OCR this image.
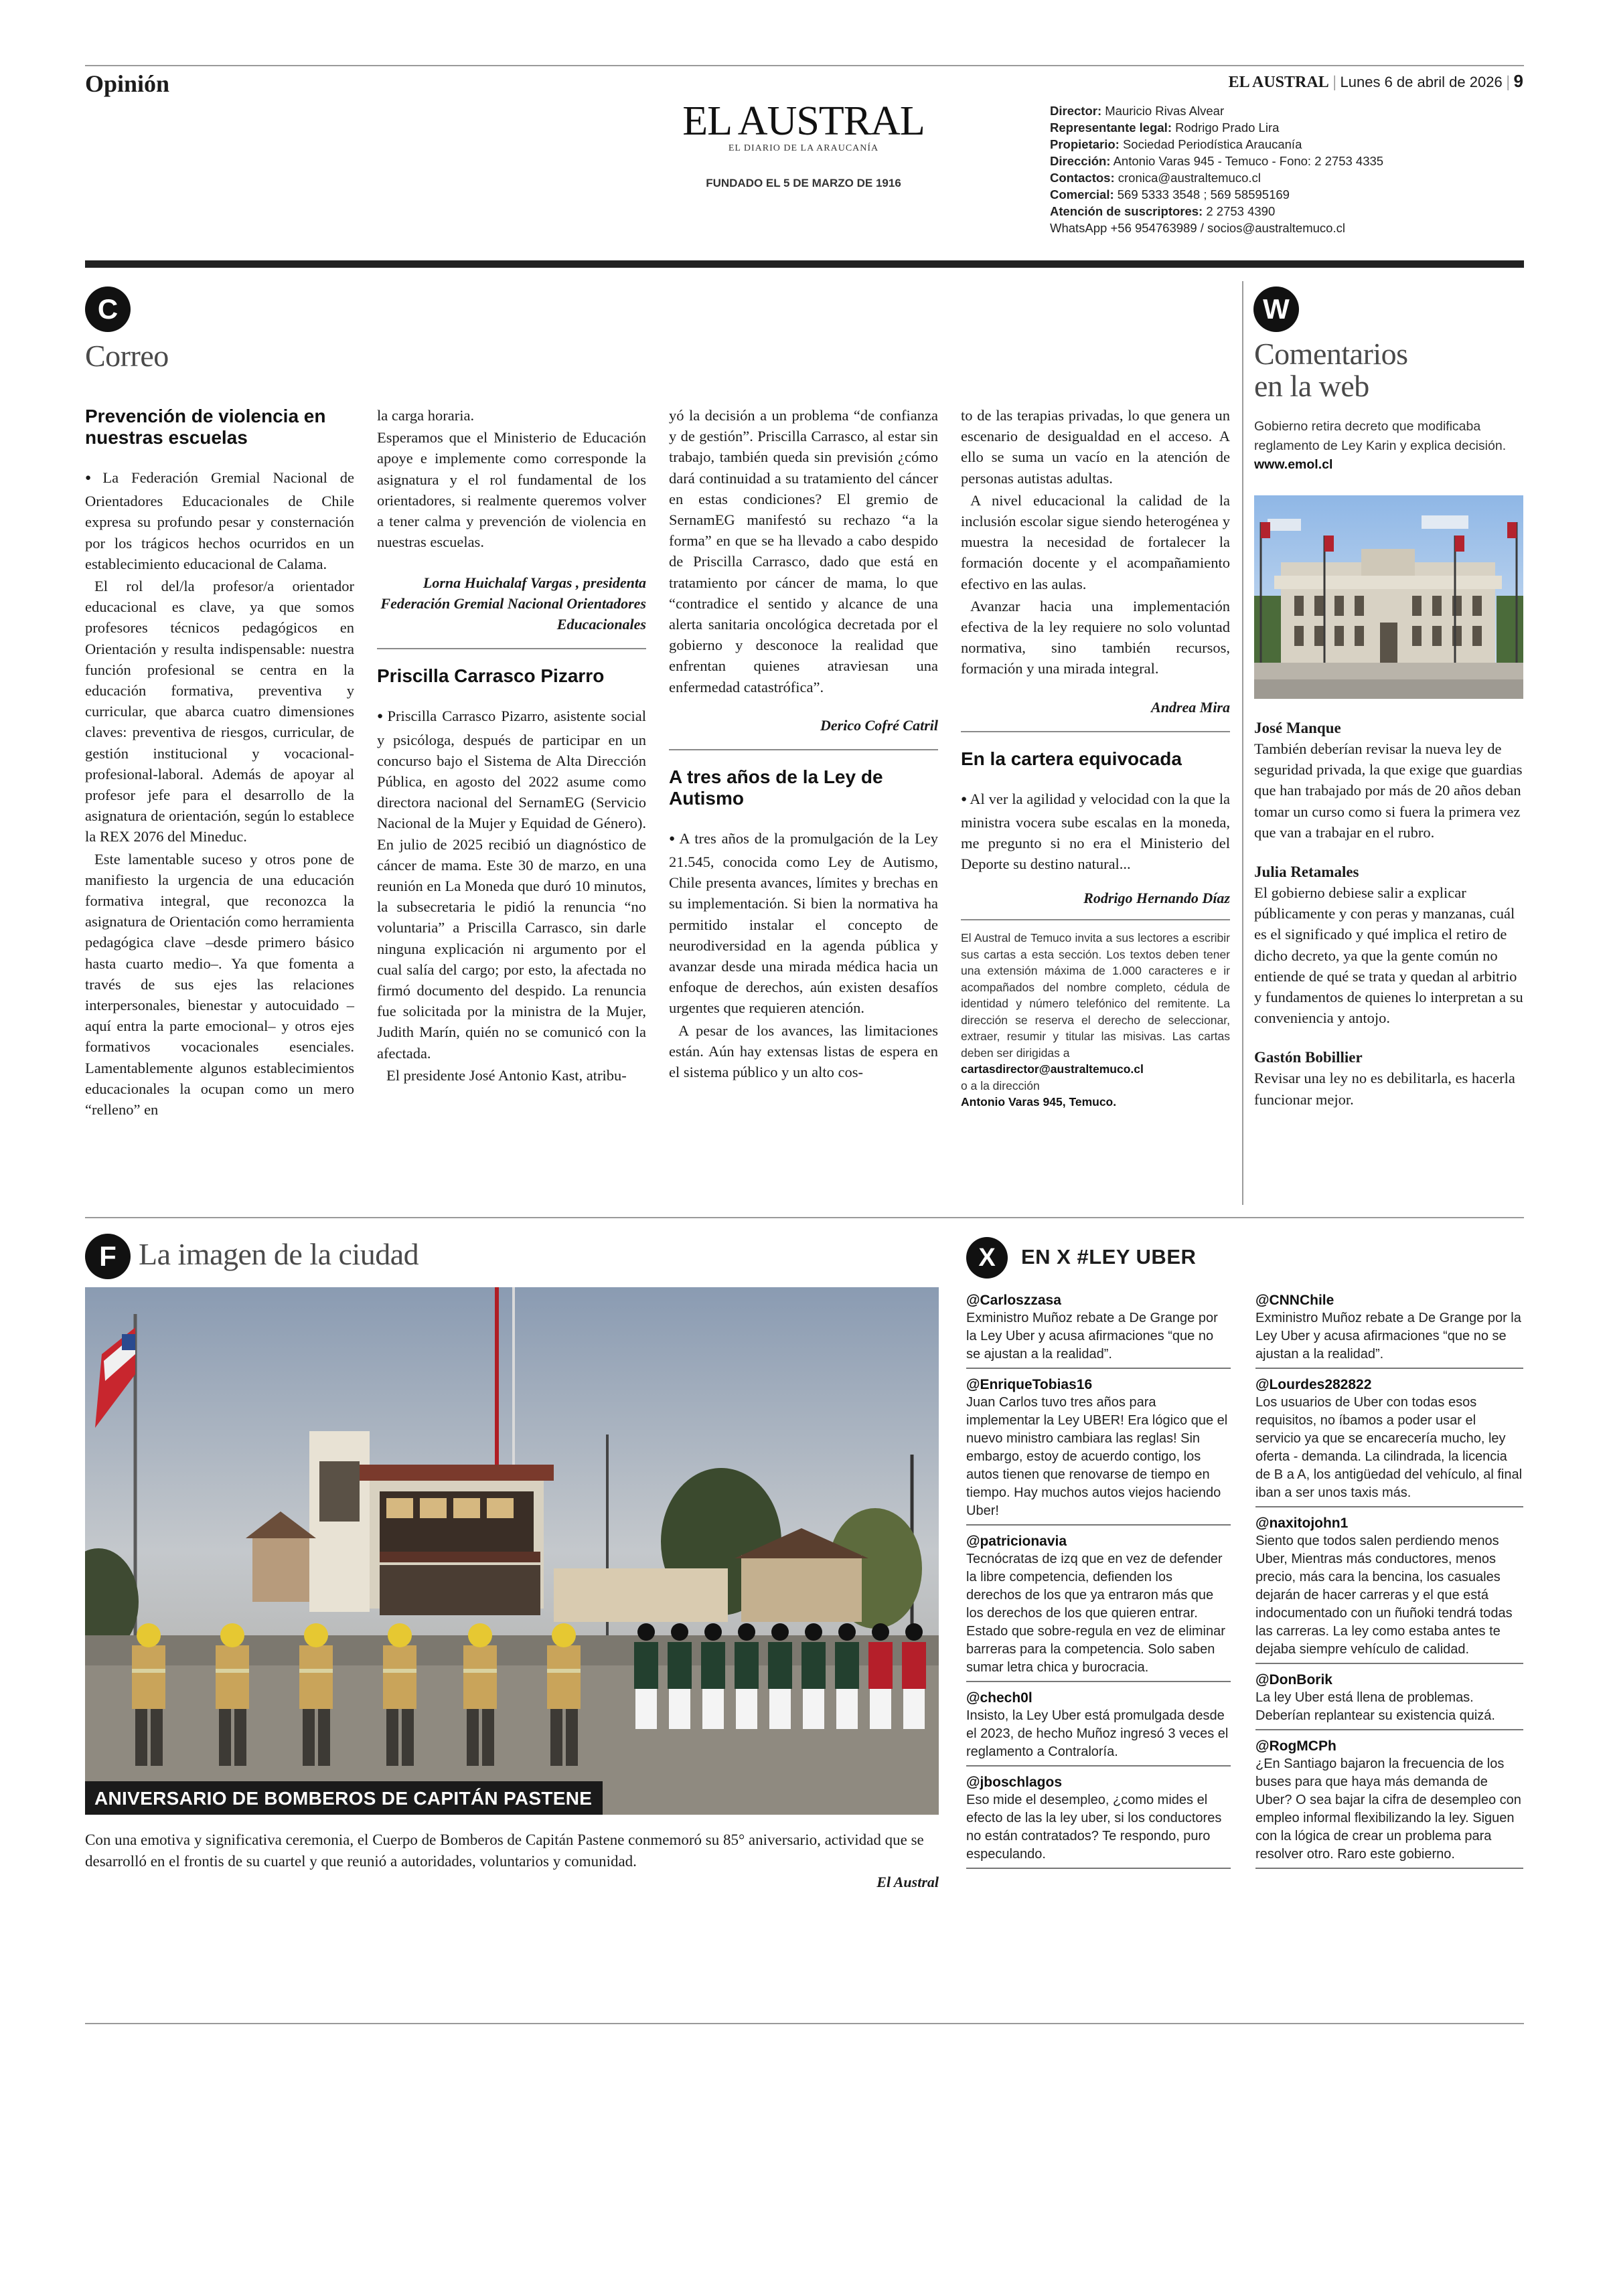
Opinión	EL AUSTRAL | Lunes 6 de abril de 2026 | 9
EL AUSTRAL
EL DIARIO DE LA ARAUCANÍA
FUNDADO EL 5 DE MARZO DE 1916
Director: Mauricio Rivas Alvear
Representante legal: Rodrigo Prado Lira
Propietario: Sociedad Periodística Araucanía
Dirección: Antonio Varas 945 - Temuco - Fono: 2 2753 4335
Contactos: cronica@australtemuco.cl
Comercial: 569 5333 3548 ; 569 58595169
Atención de suscriptores: 2 2753 4390
WhatsApp +56 954763989 / socios@australtemuco.cl
C
Correo
Prevención de violencia en nuestras escuelas

● La Federación Gremial Nacional de Orientadores Educacionales de Chile expresa su profundo pesar y consternación por los trágicos hechos ocurridos en un establecimiento educacional de Calama.

El rol del/la profesor/a orientador educacional es clave, ya que somos profesores técnicos pedagógicos en Orientación y resulta indispensable: nuestra función profesional se centra en la educación formativa, preventiva y curricular, que abarca cuatro dimensiones claves: preventiva de riesgos, curricular, de gestión institucional y vocacional-profesional-laboral. Además de apoyar al profesor jefe para el desarrollo de la asignatura de orientación, según lo establece la REX 2076 del Mineduc.

Este lamentable suceso y otros pone de manifiesto la urgencia de una educación formativa integral, que reconozca la asignatura de Orientación como herramienta pedagógica clave –desde primero básico hasta cuarto medio–. Ya que fomenta a través de sus ejes las relaciones interpersonales, bienestar y autocuidado –aquí entra la parte emocional– y otros ejes formativos vocacionales esenciales. Lamentablemente algunos establecimientos educacionales la ocupan como un mero “relleno” en

la carga horaria.

Esperamos que el Ministerio de Educación apoye e implemente como corresponde la asignatura y el rol fundamental de los orientadores, si realmente queremos volver a tener calma y prevención de violencia en nuestras escuelas.

Lorna Huichalaf Vargas , presidenta Federación Gremial Nacional Orientadores Educacionales
Priscilla Carrasco Pizarro

● Priscilla Carrasco Pizarro, asistente social y psicóloga, después de participar en un concurso bajo el Sistema de Alta Dirección Pública, en agosto del 2022 asume como directora nacional del SernamEG (Servicio Nacional de la Mujer y Equidad de Género). En julio de 2025 recibió un diagnóstico de cáncer de mama. Este 30 de marzo, en una reunión en La Moneda que duró 10 minutos, la subsecretaria le pidió la renuncia “no voluntaria” a Priscilla Carrasco, sin darle ninguna explicación ni argumento por el cual salía del cargo; por esto, la afectada no firmó documento del despido. La renuncia fue solicitada por la ministra de la Mujer, Judith Marín, quién no se comunicó con la afectada.

El presidente José Antonio Kast, atribu-

yó la decisión a un problema “de confianza y de gestión”. Priscilla Carrasco, al estar sin trabajo, también queda sin previsión ¿cómo dará continuidad a su tratamiento del cáncer en estas condiciones? El gremio de SernamEG manifestó su rechazo “a la forma” en que se ha llevado a cabo despido de Priscilla Carrasco, dado que está en tratamiento por cáncer de mama, lo que “contradice el sentido y alcance de una alerta sanitaria oncológica decretada por el gobierno y desconoce la realidad que enfrentan quienes atraviesan una enfermedad catastrófica”.

Derico Cofré Catril
A tres años de la Ley de Autismo

● A tres años de la promulgación de la Ley 21.545, conocida como Ley de Autismo, Chile presenta avances, límites y brechas en su implementación. Si bien la normativa ha permitido instalar el concepto de neurodiversidad en la agenda pública y avanzar desde una mirada médica hacia un enfoque de derechos, aún existen desafíos urgentes que requieren atención.

A pesar de los avances, las limitaciones están. Aún hay extensas listas de espera en el sistema público y un alto cos-

to de las terapias privadas, lo que genera un escenario de desigualdad en el acceso. A ello se suma un vacío en la atención de personas autistas adultas.

A nivel educacional la calidad de la inclusión escolar sigue siendo heterogénea y muestra la necesidad de fortalecer la formación docente y el acompañamiento efectivo en las aulas.

Avanzar hacia una implementación efectiva de la ley requiere no solo voluntad normativa, sino también recursos, formación y una mirada integral.

Andrea Mira
En la cartera equivocada

● Al ver la agilidad y velocidad con la que la ministra vocera sube escalas en la moneda, me pregunto si no era el Ministerio del Deporte su destino natural...

Rodrigo Hernando Díaz
El Austral de Temuco invita a sus lectores a escribir sus cartas a esta sección. Los textos deben tener una extensión máxima de 1.000 caracteres e ir acompañados del nombre completo, cédula de identidad y número telefónico del remitente. La dirección se reserva el derecho de seleccionar, extraer, resumir y titular las misivas. Las cartas deben ser dirigidas a
cartasdirector@australtemuco.cl
o a la dirección
Antonio Varas 945, Temuco.
W
Comentarios
en la web
Gobierno retira decreto que modificaba reglamento de Ley Karin y explica decisión. www.emol.cl
José Manque

También deberían revisar la nueva ley de seguridad privada, la que exige que guardias que han trabajado por más de 20 años deban tomar un curso como si fuera la primera vez que van a trabajar en el rubro.

Julia Retamales

El gobierno debiese salir a explicar públicamente y con peras y manzanas, cuál es el significado y qué implica el retiro de dicho decreto, ya que la gente común no entiende de qué se trata y quedan al arbitrio y fundamentos de quienes lo interpretan a su conveniencia y antojo.

Gastón Bobillier

Revisar una ley no es debilitarla, es hacerla funcionar mejor.

F La imagen de la ciudad
ANIVERSARIO DE BOMBEROS DE CAPITÁN PASTENE
Con una emotiva y significativa ceremonia, el Cuerpo de Bomberos de Capitán Pastene conmemoró su 85° aniversario, actividad que se desarrolló en el frontis de su cuartel y que reunió a autoridades, voluntarios y comunidad.
El Austral
X	EN X #LEY UBER
@Carloszzasa
Exministro Muñoz rebate a De Grange por la Ley Uber y acusa afirmaciones “que no se ajustan a la realidad”.
@EnriqueTobias16
Juan Carlos tuvo tres años para implementar la Ley UBER! Era lógico que el nuevo ministro cambiara las reglas! Sin embargo, estoy de acuerdo contigo, los autos tienen que renovarse de tiempo en tiempo. Hay muchos autos viejos haciendo Uber!
@patricionavia
Tecnócratas de izq que en vez de defender la libre competencia, defienden los derechos de los que ya entraron más que los derechos de los que quieren entrar. Estado que sobre-regula en vez de eliminar barreras para la competencia. Solo saben sumar letra chica y burocracia.
@chech0l
Insisto, la Ley Uber está promulgada desde el 2023, de hecho Muñoz ingresó 3 veces el reglamento a Contraloría.
@jboschlagos
Eso mide el desempleo, ¿como mides el efecto de las la ley uber, si los conductores no están contratados? Te respondo, puro especulando.
@CNNChile
Exministro Muñoz rebate a De Grange por la Ley Uber y acusa afirmaciones “que no se ajustan a la realidad”.
@Lourdes282822
Los usuarios de Uber con todas esos requisitos, no íbamos a poder usar el servicio ya que se encarecería mucho, ley oferta - demanda. La cilindrada, la licencia de B a A, los antigüedad del vehículo, al final iban a ser unos taxis más.
@naxitojohn1
Siento que todos salen perdiendo menos Uber, Mientras más conductores, menos precio, más cara la bencina, los casuales dejarán de hacer carreras y el que está indocumentado con un ñuñoki tendrá todas las carreras. La ley como estaba antes te dejaba siempre vehículo de calidad.
@DonBorik
La ley Uber está llena de problemas. Deberían replantear su existencia quizá.
@RogMCPh
¿En Santiago bajaron la frecuencia de los buses para que haya más demanda de Uber? O sea bajar la cifra de desempleo con empleo informal flexibilizando la ley. Siguen con la lógica de crear un problema para resolver otro. Raro este gobierno.
